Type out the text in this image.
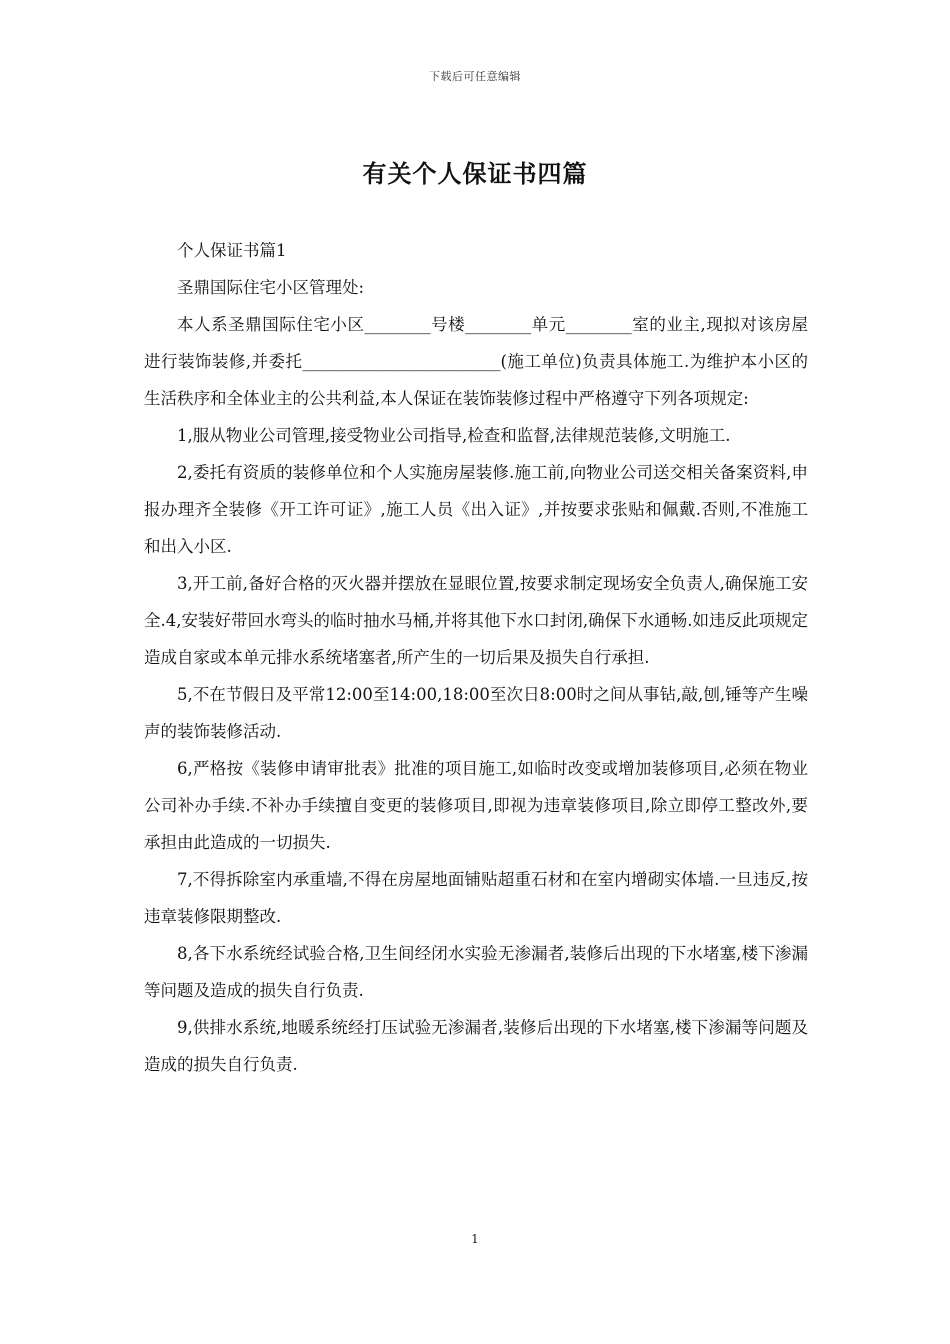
下载后可任意编辑
有关个人保证书四篇

个人保证书篇1

圣鼎国际住宅小区管理处:

本人系圣鼎国际住宅小区________号楼________单元________室的业主,现拟对该房屋进行装饰装修,并委托________________________(施工单位)负责具体施工.为维护本小区的生活秩序和全体业主的公共利益,本人保证在装饰装修过程中严格遵守下列各项规定:

1,服从物业公司管理,接受物业公司指导,检查和监督,法律规范装修,文明施工.

2,委托有资质的装修单位和个人实施房屋装修.施工前,向物业公司送交相关备案资料,申报办理齐全装修《开工许可证》,施工人员《出入证》,并按要求张贴和佩戴.否则,不准施工和出入小区.

3,开工前,备好合格的灭火器并摆放在显眼位置,按要求制定现场安全负责人,确保施工安全.4,安装好带回水弯头的临时抽水马桶,并将其他下水口封闭,确保下水通畅.如违反此项规定造成自家或本单元排水系统堵塞者,所产生的一切后果及损失自行承担.

5,不在节假日及平常12:00至14:00,18:00至次日8:00时之间从事钻,敲,刨,锤等产生噪声的装饰装修活动.

6,严格按《装修申请审批表》批准的项目施工,如临时改变或增加装修项目,必须在物业公司补办手续.不补办手续擅自变更的装修项目,即视为违章装修项目,除立即停工整改外,要承担由此造成的一切损失.

7,不得拆除室内承重墙,不得在房屋地面铺贴超重石材和在室内增砌实体墙.一旦违反,按违章装修限期整改.

8,各下水系统经试验合格,卫生间经闭水实验无渗漏者,装修后出现的下水堵塞,楼下渗漏等问题及造成的损失自行负责.

9,供排水系统,地暖系统经打压试验无渗漏者,装修后出现的下水堵塞,楼下渗漏等问题及造成的损失自行负责.

1
